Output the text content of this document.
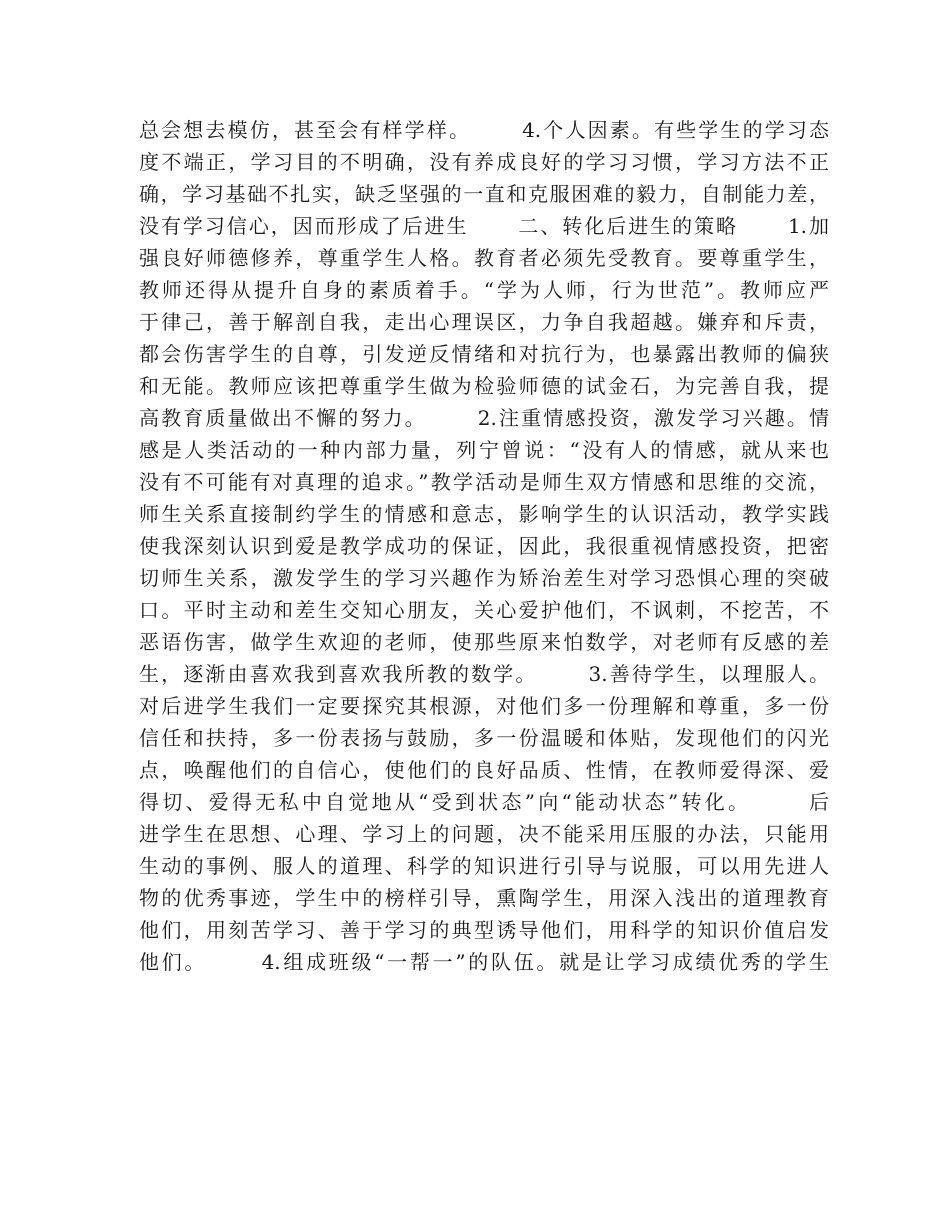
总会想去模仿，甚至会有样学样。      4.个人因素。有些学生的学习态
度不端正，学习目的不明确，没有养成良好的学习习惯，学习方法不正
确，学习基础不扎实，缺乏坚强的一直和克服困难的毅力，自制能力差，
没有学习信心，因而形成了后进生      二、转化后进生的策略      1.加
强良好师德修养，尊重学生人格。教育者必须先受教育。要尊重学生，
教师还得从提升自身的素质着手。“学为人师，行为世范”。教师应严
于律己，善于解剖自我，走出心理误区，力争自我超越。嫌弃和斥责，
都会伤害学生的自尊，引发逆反情绪和对抗行为，也暴露出教师的偏狭
和无能。教师应该把尊重学生做为检验师德的试金石，为完善自我，提
高教育质量做出不懈的努力。      2.注重情感投资，激发学习兴趣。情
感是人类活动的一种内部力量，列宁曾说：“没有人的情感，就从来也
没有不可能有对真理的追求。”教学活动是师生双方情感和思维的交流，
师生关系直接制约学生的情感和意志，影响学生的认识活动，教学实践
使我深刻认识到爱是教学成功的保证，因此，我很重视情感投资，把密
切师生关系，激发学生的学习兴趣作为矫治差生对学习恐惧心理的突破
口。平时主动和差生交知心朋友，关心爱护他们，不讽刺，不挖苦，不
恶语伤害，做学生欢迎的老师，使那些原来怕数学，对老师有反感的差
生，逐渐由喜欢我到喜欢我所教的数学。      3.善待学生，以理服人。
对后进学生我们一定要探究其根源，对他们多一份理解和尊重，多一份
信任和扶持，多一份表扬与鼓励，多一份温暖和体贴，发现他们的闪光
点，唤醒他们的自信心，使他们的良好品质、性情，在教师爱得深、爱
得切、爱得无私中自觉地从“受到状态”向“能动状态”转化。      后
进学生在思想、心理、学习上的问题，决不能采用压服的办法，只能用
生动的事例、服人的道理、科学的知识进行引导与说服，可以用先进人
物的优秀事迹，学生中的榜样引导，熏陶学生，用深入浅出的道理教育
他们，用刻苦学习、善于学习的典型诱导他们，用科学的知识价值启发
他们。      4.组成班级“一帮一”的队伍。就是让学习成绩优秀的学生
